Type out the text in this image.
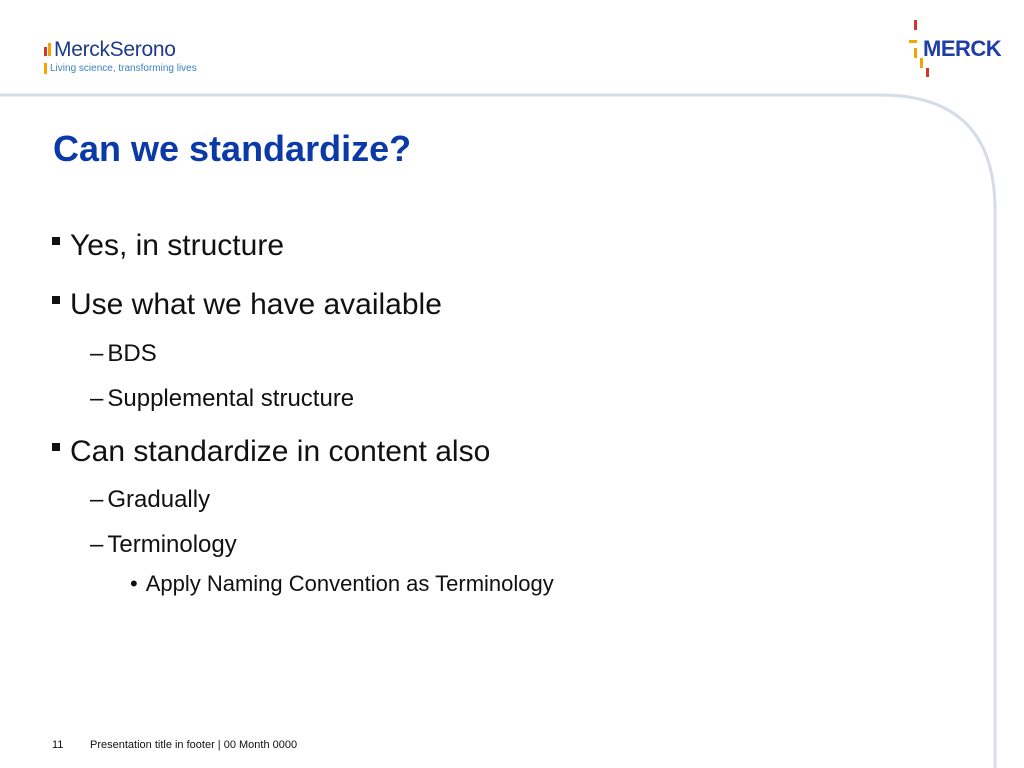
MerckSerono
Living science, transforming lives
MERCK
Can we standardize?
Yes, in structure
Use what we have available
– BDS
– Supplemental structure
Can standardize in content also
– Gradually
– Terminology
• Apply Naming Convention as Terminology
11 Presentation title in footer | 00 Month 0000
